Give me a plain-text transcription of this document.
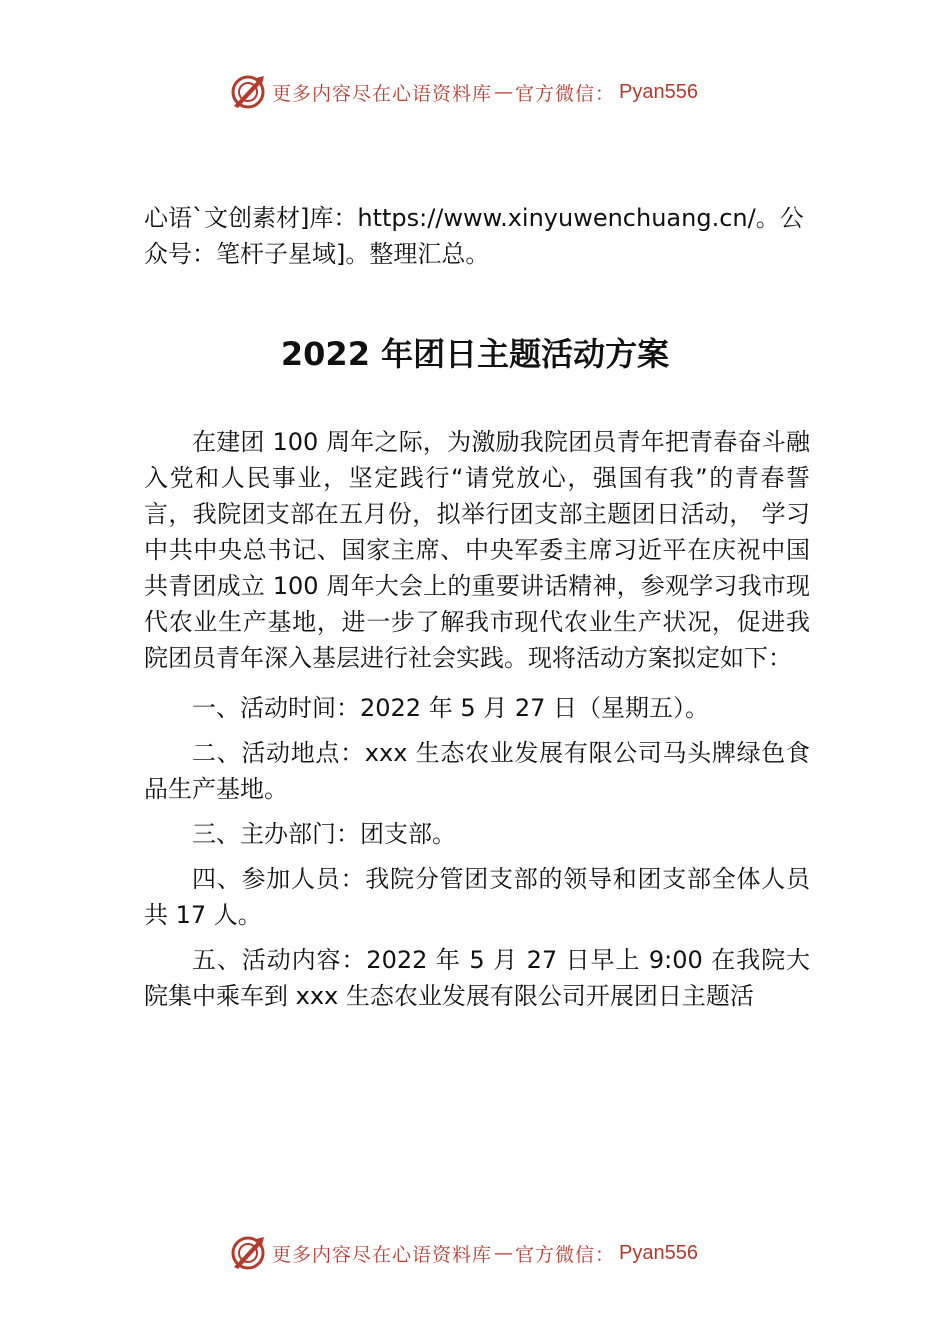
更多内容尽在心语资料库 — 官方微信： Pyan556

心语`文创素材]库：https://www.xinyuwenchuang.cn/。公众号：笔杆子星域]。整理汇总。

2022 年团日主题活动方案

在建团 100 周年之际，为激励我院团员青年把青春奋斗融入党和人民事业，坚定践行“请党放心，强国有我”的青春誓言，我院团支部在五月份，拟举行团支部主题团日活动， 学习中共中央总书记、国家主席、中央军委主席习近平在庆祝中国共青团成立 100 周年大会上的重要讲话精神，参观学习我市现代农业生产基地，进一步了解我市现代农业生产状况，促进我院团员青年深入基层进行社会实践。现将活动方案拟定如下：

一、活动时间：2022 年 5 月 27 日（星期五）。

二、活动地点：xxx 生态农业发展有限公司马头牌绿色食品生产基地。

三、主办部门：团支部。

四、参加人员：我院分管团支部的领导和团支部全体人员共 17 人。

五、活动内容：2022 年 5 月 27 日早上 9:00 在我院大院集中乘车到 xxx 生态农业发展有限公司开展团日主题活

更多内容尽在心语资料库 — 官方微信： Pyan556
